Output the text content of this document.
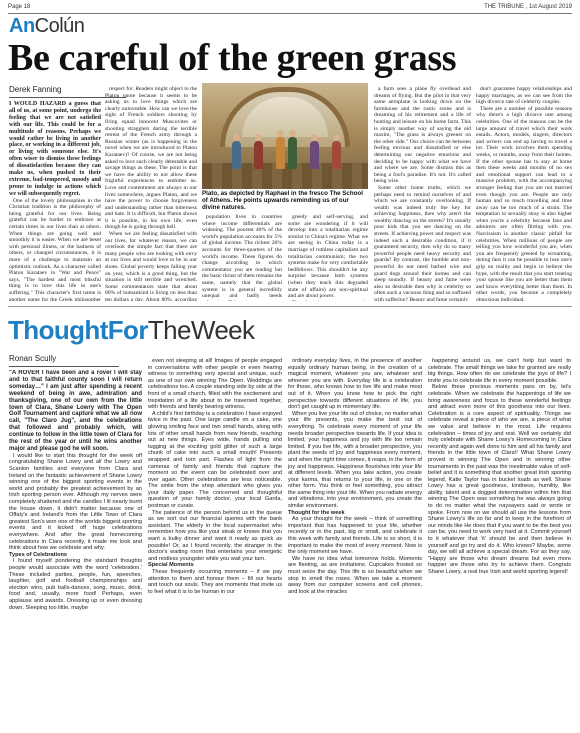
Page 18	THE TRIBUNE , 1st August 2019
AnColún
Be careful of the green grass
Derek Fanning

I WOULD HAZARD a guess that all of us, at some point, undergo the feeling that we are not satisfied with our life. This could be for a multitude of reasons. Perhaps we would rather be living in another place, or working in a different job, or living with someone else. It's often wiser to dismiss these feelings of dissatisfaction because they can make us, when pushed to their extreme, bad-tempered, moody and prone to indulge in actions which we will subsequently regret.

One of the lovely philosophies in the Christian tradition is the philosophy of being grateful for our lives. Being grateful can be harder to embrace at certain times in our lives than at others. When things are going well and smoothly it is easier. When we are beset with personal illness, or the badness of others, or changed circumstances, it is more of a challenge to maintain an optimistic outlook. As a character called Platon Karataev in "War and Peace" says, "The hardest and most blissful thing is to love this life in one's suffering." This character's first name is another name for the Greek philosopher

respect for. Readers might object to the Platon quote because it seems to be asking us to love things which are clearly unloveable. How can we love the sight of French soldiers shooting by firing squad innocent Muscovites or shooting stragglers during the terrible retreat of the French army through a Russian winter (as is happening in the novel when we are introduced to Platon Karataev)? Of course, we are not being asked to love such clearly detestable and savage things as these. The point is that we have the ability to not allow these frightful experiences to embitter us. Love and contentment are always in our lives somewhere, argues Platon, and we have the power to choose forgiveness and understanding rather than bitterness and hate. It is difficult, but Platon shows it is possible, in his own life, even though he is going through hell.

When we are feeling dissatisfied with our lives, for whatever reason, we can overlook the simple fact that there are many people who are looking with envy at our lives and would love to be in our shoes. Global poverty keeps falling year on year, which is a good thing, but the situation is still terrible and wretched. Some commentators state that about 80% of humankind is living on less than ten dollars a day. About 80%, according

Plato, as depicted by Raphael in the fresco The School of Athens. He points upwards reminding us of our divine natures.

population lives in countries where income differentials are widening. The poorest 40% of the world's population accounts for 5% of global income. The richest 20% accounts for three-quarters of the world's income. These figures do change according to which commentator you are reading but the basic thrust of them remains the same, namely that the global system is in general incredibly unequal and badly needs

greedy and self-serving, and some are wondering if it will develop into a totalitarian regime similar to China's regime. What we are seeing in China today is a marriage of ruthless capitalism and totalitarian communism; the two systems make for very comfortable bedfellows. This shouldn't be any surprise because both systems (when they teach this degraded state of affairs) are non-spiritual and are about power.

a farm sees a plane fly overhead and dreams of flying. But the pilot in that very same aeroplane is looking down on the farmhouse and the rustic scene and is dreaming of his retirement and a life of hunting and leisure on his home farm. This is simply another way of saying the old maxim, "The grass is always greener on the other side." Our choice can be between feeling envious and dissatisfied or else determining our negative emotions and deciding to be happy with what we have and where we are. Some dismiss this as being a fool's paradise. It's not. It's called being wise.

Some other home truths, which we perhaps need to remind ourselves of and which we are constantly overlooking. If wealth was indeed truly the key for achieving happiness, then why aren't the wealthy dancing on the streets? It's usually poor kids that you see dancing on the streets. If achieving power and respect was indeed such a desirable condition, if it guaranteed security, then why do so many powerful people need heavy security and guards? By contrast, the humble and non-powerful do not need barbed wire and guard dogs around their homes and can sleep soundly. If beauty and fame were also so desirable then why is celebrity so often such a vacuous thing and so suffused with suffering? Beauty and fame certainly

don't guarantee happy relationships and happy marriages, as we can see from the high divorce rate of celebrity couples.

There are a number of possible reasons why there's a high divorce rate among celebrities. One of the reasons can be the large amount of travel which their work entails. Actors, models, singers, directors and writers can end up having to travel a lot. Their work involves them spending weeks, or months, away from their homes. If the other spouse has to stay at home then these weeks and months of no sex and emotional support can lead to a massive problem, with the accompanying stronger feeling that you are not married even though you are. People are only human and so much travelling and time away can be too much of a strain. The temptation to sexually stray is also higher when you're a celebrity because fans and admirers are often flirting with you. Narcissism is another classic pitfall for celebrities. When millions of people are telling you how wonderful you are, when you are frequently greeted by screaming, doting fans it can be possible to lose one's grip on reality and begin to believe the hype, with the result that you start treating your spouse like you are better than them and know everything better than them. In other words, you become a completely obnoxious individual.

ThoughtForTheWeek
Ronan Scully

"A ROVER I have been and a rover I will stay and to that faithful county soon I will return someday…" I am just after spending a recent weekend of being in awe, admiration and thanksgiving, one of our own from the little town of Clara, Shane Lowry with The Open Golf Tournament and capture what we all now call, "The Claro Jug", and the celebrations that followed and probably which, will continue to follow in the little town of Clara for the rest of the year or until he wins another major and please god he will soon.

I would like to start this thought for the week off congratulating Shane Lowry and all the Lowry and Scanlon families and everyone from Clara and Ireland on the fantastic achievement of Shane Lowry winning one of the biggest sporting events in the world and probably the greatest achievement by an Irish sporting person ever. Although my nerves were completely shattered and the candles I lit nearly burnt the house down, it didn't matter because one of Offaly's and Ireland's from the Little Town of Clara greatest Son's won one of the worlds biggest sporting events and it kicked off huge celebrations everywhere. And after the great homecoming celebrations in Clara recently, it made me look and think about how we celebrate and why.

Types of Celebrations

I found myself pondering the standard thoughts people would associate with the word 'celebration.' These included parties, people, fun, speeches, laughter, golf and football championships and election wins, pub balls-dances, song, music, drink, food and, usually, more food! Perhaps, even applause and awards. Dressing up or even dressing down. Sleeping too little, maybe

even not sleeping at all! Images of people engaged in conversations with other people or even hearing witness to something very special and unique, such as one of our own winning The Open. Weddings are celebrations too. A couple standing side by side at the front of a small church, filled with the excitement and trepidation of a life about to be traversed together, with friends and family bearing witness.

A child's first birthday is a celebration I have enjoyed twice in the past. One large candle on a cake, one glowing smiling face and two small hands, along with lots of other small hands from new friends, reaching out at new things. Eyes wide, hands pulling and tugging at the exciting gold glitter of such a large chunk of cake into such a small mouth! Presents wrapped and torn part. Flashes of light from the cameras of family and friends that capture the moment so the event can be celebrated over and over again. Other celebrations are less noticeable. The smile from the shop attendant who gives you your daily paper. The concerned and thoughtful question of your family doctor, your local Garda, postman or curate.

The patience of the person behind us in the queue as we sort out our financial queries with the bank assistant. The elderly in the local supermarket who remember how you like your steak or knows that you want a bulky dinner and want it ready as quick as possible! Or, as I found recently, the stranger in the doctor's waiting room that entertains your energetic and restless youngster while you wait your turn.

Special Moments

These frequently occurring moments – if we pay attention to them and honour them – fill our hearts and touch our souls. They are moments that invite us to feel what it is to be human in our

ordinary everyday lives, in the presence of another equally ordinary human being, in the creation of a magical moment, whatever you are, whatever and whoever you are with. Everyday life is a celebration for those, who knows how to live life and make most out of it. When you know how to pick the right perspective towards different situations of life, you don't get caught up in momentary life.

When you live your life out of choice, no matter what your life presents, you make the best out of everything. To celebrate every moment of your life needs broader perspective towards life. If your idea is limited, your happiness and joy with life too remain limited. If you live life, with a broader perspective, you plant the seeds of joy and happiness every moment, and when the right time comes, it reaps, in the form of joy and happiness. Happiness flourishes into your life at different levels. When you take action, you create your karma, that returns to your life, in one or the other form. You think or feel something, you attract the same thing into your life. When you radiate energy and vibrations, into your environment, you create the similar environment.

Thought for the week

As your thought for the week – think of something important that has happened to your life, whether recently or in the past, big or small, and celebrate it this week with family and friends. Life is so short, it is important to make the most of every moment. Now is the only moment we have.

We have no idea what tomorrow holds. Moments are fleeting, as are invitations. Cupcakes frosted so must seize the day. This life is so beautiful when we stop to smell the roses. When we take a moment away from our computer screens and cell phones, and look at the miracles

happening around us, we can't help but want to celebrate. The small things we take for granted are really big things. How often do we celebrate the joys of life? I invite you to celebrate life in every moment possible.

Below these precious moments pass on by, let's celebrate. When we celebrate the happenings of life we bring awareness and focus to these wonderful feelings and attract even more of this goodness into our lives. Celebration is a core aspect of spirituality. Things we celebrate reveal a piece of who we are, a piece of what we value and believe in the most. Life requires celebration – times of joy and rest. Well we certainly did truly celebrate with Shane Lowry's Homecoming in Clara recently and again well done to him and all his family and friends in the little town of Clara!! What Shane Lowry proved in winning The Open and in winning other tournaments in the past was the inestimable value of self-belief and it is something that another great Irish sporting legend, Katie Taylor has in bucket loads as well. Shane Lowry has a great goodness, kindness, humility, like ability, talent and a dogged determination within him that winning The Open was something he was always going to do no matter what the naysayers said or wrote or spoke. From now on we should all use the lessons from Shane Lowry's life so far and to keep in the forefront of our minds like He does that if you want to be the best you can be, you need to work very hard at it. Commit yourself to it whatever that 'it' should be and then believe in yourself and go try and do it. Who knows? Maybe, some day, we will all achieve a special dream. For as they say, "Happy are those who dream dreams but even more happier are those who try to achieve them. Congrats Shane Lowry, a real true Irish and world sporting legend!
